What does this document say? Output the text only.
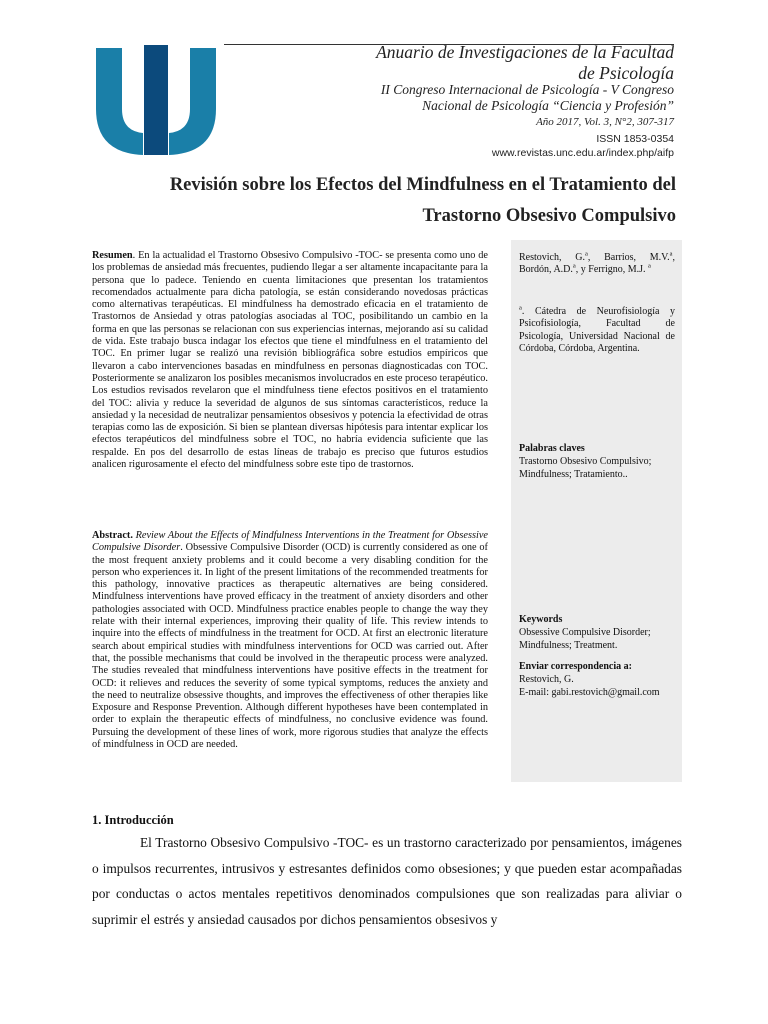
Anuario de Investigaciones de la Facultad
de Psicología
II Congreso Internacional de Psicología - V Congreso
Nacional de Psicología “Ciencia y Profesión”
Año 2017, Vol. 3, N°2, 307-317
ISSN 1853-0354
www.revistas.unc.edu.ar/index.php/aifp
Revisión sobre los Efectos del Mindfulness en el Tratamiento del
Trastorno Obsesivo Compulsivo

Resumen. En la actualidad el Trastorno Obsesivo Compulsivo -TOC- se presenta como uno de los problemas de ansiedad más frecuentes, pudiendo llegar a ser altamente incapacitante para la persona que lo padece. Teniendo en cuenta limitaciones que presentan los tratamientos recomendados actualmente para dicha patología, se están considerando novedosas prácticas como alternativas terapéuticas. El mindfulness ha demostrado eficacia en el tratamiento de Trastornos de Ansiedad y otras patologías asociadas al TOC, posibilitando un cambio en la forma en que las personas se relacionan con sus experiencias internas, mejorando así su calidad de vida. Este trabajo busca indagar los efectos que tiene el mindfulness en el tratamiento del TOC. En primer lugar se realizó una revisión bibliográfica sobre estudios empíricos que llevaron a cabo intervenciones basadas en mindfulness en personas diagnosticadas con TOC. Posteriormente se analizaron los posibles mecanismos involucrados en este proceso terapéutico. Los estudios revisados revelaron que el mindfulness tiene efectos positivos en el tratamiento del TOC: alivia y reduce la severidad de algunos de sus síntomas característicos, reduce la ansiedad y la necesidad de neutralizar pensamientos obsesivos y potencia la efectividad de otras terapias como las de exposición. Si bien se plantean diversas hipótesis para intentar explicar los efectos terapéuticos del mindfulness sobre el TOC, no habría evidencia suficiente que las respalde. En pos del desarrollo de estas líneas de trabajo es preciso que futuros estudios analicen rigurosamente el efecto del mindfulness sobre este tipo de trastornos.

Abstract. Review About the Effects of Mindfulness Interventions in the Treatment for Obsessive Compulsive Disorder. Obsessive Compulsive Disorder (OCD) is currently considered as one of the most frequent anxiety problems and it could become a very disabling condition for the person who experiences it. In light of the present limitations of the recommended treatments for this pathology, innovative practices as therapeutic alternatives are being considered. Mindfulness interventions have proved efficacy in the treatment of anxiety disorders and other pathologies associated with OCD. Mindfulness practice enables people to change the way they relate with their internal experiences, improving their quality of life. This review intends to inquire into the effects of mindfulness in the treatment for OCD. At first an electronic literature search about empirical studies with mindfulness interventions for OCD was carried out. After that, the possible mechanisms that could be involved in the therapeutic process were analyzed. The studies revealed that mindfulness interventions have positive effects in the treatment for OCD: it relieves and reduces the severity of some typical symptoms, reduces the anxiety and the need to neutralize obsessive thoughts, and improves the effectiveness of other therapies like Exposure and Response Prevention. Although different hypotheses have been contemplated in order to explain the therapeutic effects of mindfulness, no conclusive evidence was found. Pursuing the development of these lines of work, more rigorous studies that analyze the effects of mindfulness in OCD are needed.

Restovich, G.$^a$, Barrios, M.V.$^a$, Bordón, A.D.$^a$, y Ferrigno, M.J. $^a$
$^a$. Cátedra de Neurofisiología y Psicofisiología, Facultad de Psicología, Universidad Nacional de Córdoba, Córdoba, Argentina.

Palabras claves

Trastorno Obsesivo Compulsivo; Mindfulness; Tratamiento..

Keywords

Obsessive Compulsive Disorder; Mindfulness; Treatment.

Enviar correspondencia a:

Restovich, G.

E-mail: gabi.restovich@gmail.com

1. Introducción

El Trastorno Obsesivo Compulsivo -TOC- es un trastorno caracterizado por pensamientos, imágenes o impulsos recurrentes, intrusivos y estresantes definidos como obsesiones; y que pueden estar acompañadas por conductas o actos mentales repetitivos denominados compulsiones que son realizadas para aliviar o suprimir el estrés y ansiedad causados por dichos pensamientos obsesivos y
